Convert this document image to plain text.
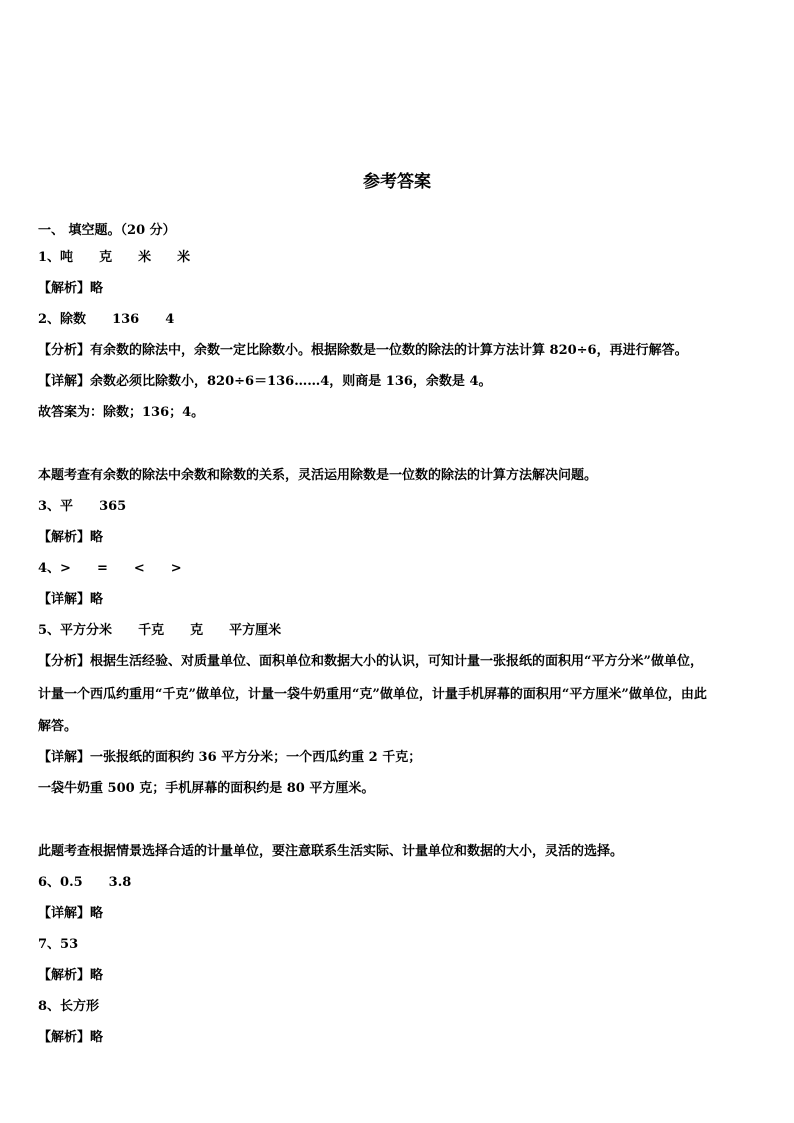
参考答案
一、 填空题。（20 分）
1、吨 克 米 米
【解析】略
2、除数 136 4
【分析】有余数的除法中，余数一定比除数小。根据除数是一位数的除法的计算方法计算 820÷6，再进行解答。
【详解】余数必须比除数小，820÷6＝136……4，则商是 136，余数是 4。
故答案为：除数；136；4。
本题考查有余数的除法中余数和除数的关系，灵活运用除数是一位数的除法的计算方法解决问题。
3、平 365
【解析】略
4、> = < >
【详解】略
5、平方分米 千克 克 平方厘米
【分析】根据生活经验、对质量单位、面积单位和数据大小的认识，可知计量一张报纸的面积用“平方分米”做单位，
计量一个西瓜约重用“千克”做单位，计量一袋牛奶重用“克”做单位，计量手机屏幕的面积用“平方厘米”做单位，由此
解答。
【详解】一张报纸的面积约 36 平方分米；一个西瓜约重 2 千克；
一袋牛奶重 500 克；手机屏幕的面积约是 80 平方厘米。
此题考查根据情景选择合适的计量单位，要注意联系生活实际、计量单位和数据的大小，灵活的选择。
6、0.5 3.8
【详解】略
7、53
【解析】略
8、长方形
【解析】略
